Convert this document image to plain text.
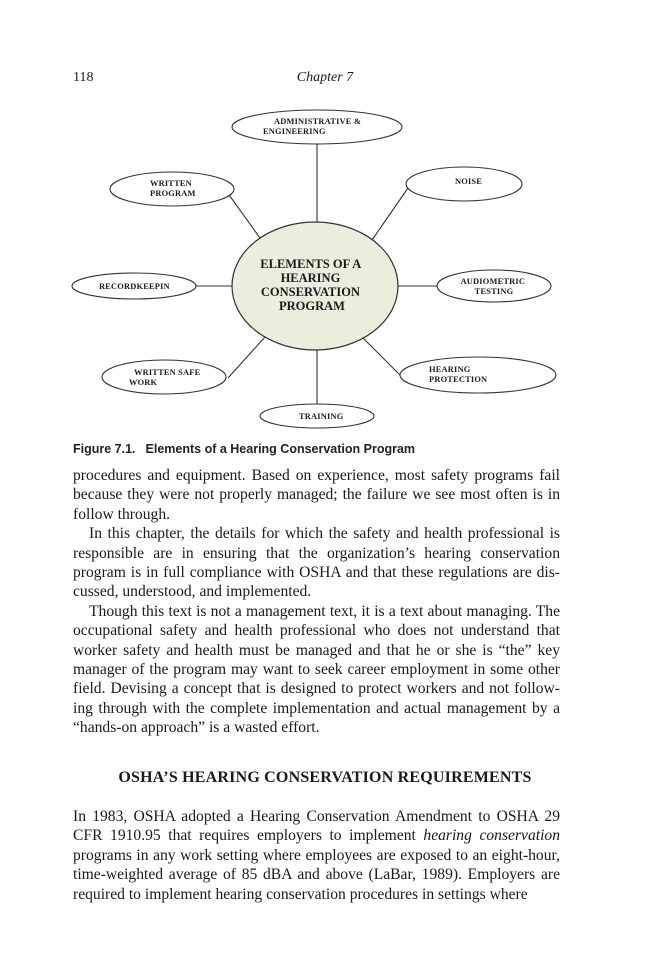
118	Chapter 7
ELEMENTS OF A HEARING CONSERVATION PROGRAM
ADMINISTRATIVE & ENGINEERING
NOISE
WRITTEN PROGRAM
RECORDKEEPIN
AUDIOMETRIC TESTING
WRITTEN SAFE WORK
HEARING PROTECTION
TRAINING
Figure 7.1. Elements of a Hearing Conservation Program

procedures and equipment. Based on experience, most safety programs fail because they were not properly managed; the failure we see most often is in follow through.

In this chapter, the details for which the safety and health professional is responsible are in ensuring that the organization’s hearing conservation program is in full compliance with OSHA and that these regulations are discussed, understood, and implemented.

Though this text is not a management text, it is a text about managing. The occupational safety and health professional who does not understand that worker safety and health must be managed and that he or she is “the” key manager of the program may want to seek career employment in some other field. Devising a concept that is designed to protect workers and not following through with the complete implementation and actual management by a “hands-on approach” is a wasted effort.

OSHA’S HEARING CONSERVATION REQUIREMENTS

In 1983, OSHA adopted a Hearing Conservation Amendment to OSHA 29 CFR 1910.95 that requires employers to implement hearing conservation programs in any work setting where employees are exposed to an eight-hour, time-weighted average of 85 dBA and above (LaBar, 1989). Employers are required to implement hearing conservation procedures in settings where
